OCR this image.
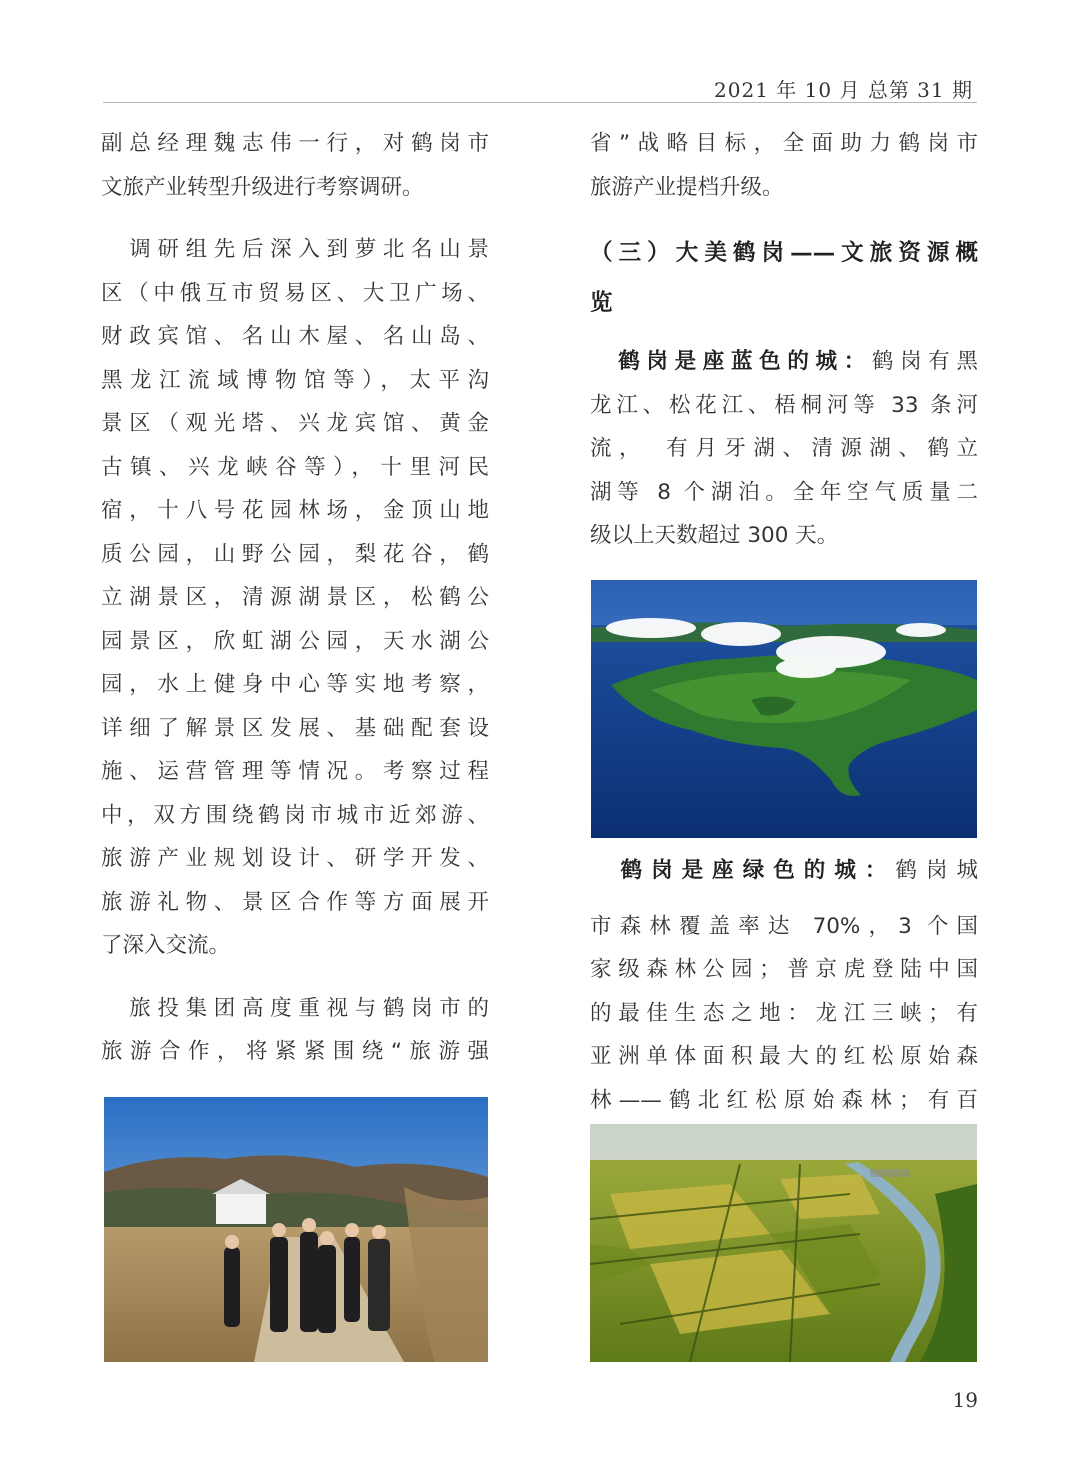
2021 年 10 月 总第 31 期
副总经理魏志伟一行，对鹤岗市
文旅产业转型升级进行考察调研。
　调研组先后深入到萝北名山景
区（中俄互市贸易区、大卫广场、
财政宾馆、名山木屋、名山岛、
黑龙江流域博物馆等），太平沟
景区（观光塔、兴龙宾馆、黄金
古镇、兴龙峡谷等），十里河民
宿，十八号花园林场，金顶山地
质公园，山野公园，梨花谷，鹤
立湖景区，清源湖景区，松鹤公
园景区，欣虹湖公园，天水湖公
园，水上健身中心等实地考察，
详细了解景区发展、基础配套设
施、运营管理等情况。考察过程
中，双方围绕鹤岗市城市近郊游、
旅游产业规划设计、研学开发、
旅游礼物、景区合作等方面展开
了深入交流。
　旅投集团高度重视与鹤岗市的
旅游合作，将紧紧围绕“旅游强
省”战略目标，全面助力鹤岗市
旅游产业提档升级。
（三）大美鹤岗——文旅资源概
览
　鹤岗是座蓝色的城：鹤岗有黑
龙江、松花江、梧桐河等 33 条河
流，　有月牙湖、清源湖、鹤立
湖等 8 个湖泊。全年空气质量二
级以上天数超过 300 天。
　鹤岗是座绿色的城：鹤岗城
市森林覆盖率达 70%，3 个国
家级森林公园；普京虎登陆中国
的最佳生态之地：龙江三峡；有
亚洲单体面积最大的红松原始森
林——鹤北红松原始森林；有百
19
